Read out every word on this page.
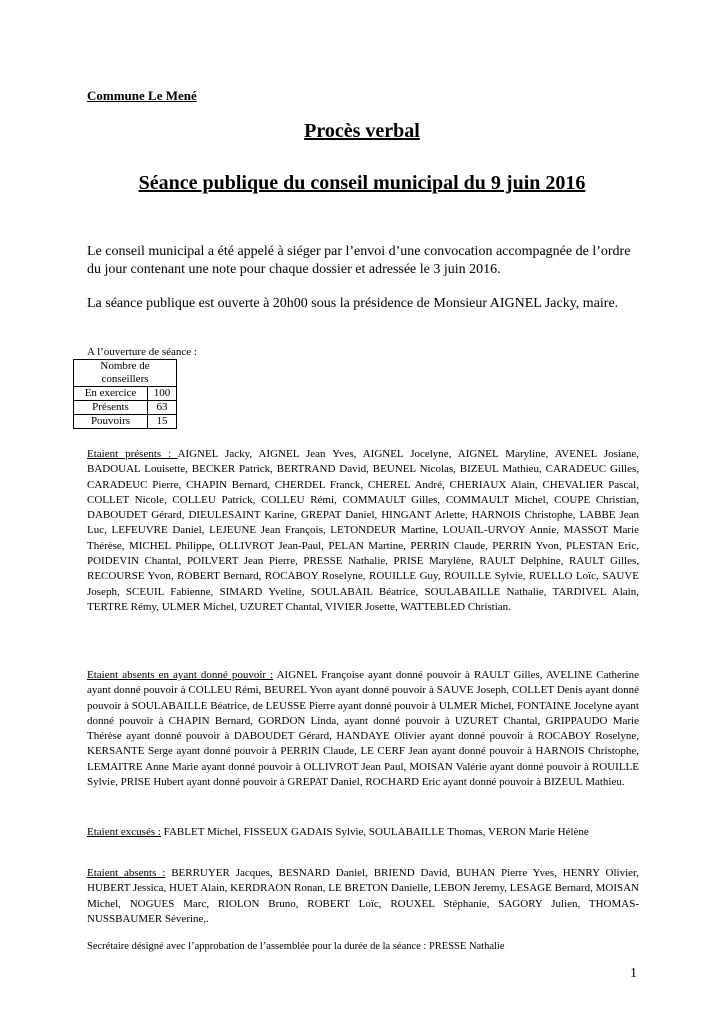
Commune Le Mené
Procès verbal
Séance publique du conseil municipal du 9 juin 2016
Le conseil municipal a été appelé à siéger par l’envoi d’une convocation accompagnée de l’ordre du jour contenant une note pour chaque dossier et adressée le 3 juin 2016.
La séance publique est ouverte à 20h00 sous la présidence de Monsieur AIGNEL Jacky, maire.
A l’ouverture de séance :
Nombre de conseillers	
En exercice	100
Présents	63
Pouvoirs	15
Etaient présents : AIGNEL Jacky, AIGNEL Jean Yves, AIGNEL Jocelyne, AIGNEL Maryline, AVENEL Josiane, BADOUAL Louisette, BECKER Patrick, BERTRAND David, BEUNEL Nicolas, BIZEUL Mathieu, CARADEUC Gilles, CARADEUC Pierre, CHAPIN Bernard, CHERDEL Franck, CHEREL André, CHERIAUX Alain, CHEVALIER Pascal, COLLET Nicole, COLLEU Patrick, COLLEU Rémi, COMMAULT Gilles, COMMAULT Michel, COUPE Christian, DABOUDET Gérard, DIEULESAINT Karine, GREPAT Daniel, HINGANT Arlette, HARNOIS Christophe, LABBE Jean Luc, LEFEUVRE Daniel, LEJEUNE Jean François, LETONDEUR Martine, LOUAIL-URVOY Annie, MASSOT Marie Thérèse, MICHEL Philippe, OLLIVROT Jean-Paul, PELAN Martine, PERRIN Claude, PERRIN Yvon, PLESTAN Eric, POIDEVIN Chantal, POILVERT Jean Pierre, PRESSE Nathalie, PRISE Marylène, RAULT Delphine, RAULT Gilles, RECOURSE Yvon, ROBERT Bernard, ROCABOY Roselyne, ROUILLE Guy, ROUILLE Sylvie, RUELLO Loïc, SAUVE Joseph, SCEUIL Fabienne, SIMARD Yveline, SOULABAIL Béatrice, SOULABAILLE Nathalie, TARDIVEL Alain, TERTRE Rémy, ULMER Michel, UZURET Chantal, VIVIER Josette, WATTEBLED Christian.
Etaient absents en ayant donné pouvoir : AIGNEL Françoise ayant donné pouvoir à RAULT Gilles, AVELINE Catherine ayant donné pouvoir à COLLEU Rémi, BEUREL Yvon ayant donné pouvoir à SAUVE Joseph, COLLET Denis ayant donné pouvoir à SOULABAILLE Béatrice, de LEUSSE Pierre ayant donné pouvoir à ULMER Michel, FONTAINE Jocelyne ayant donné pouvoir à CHAPIN Bernard, GORDON Linda, ayant donné pouvoir à UZURET Chantal, GRIPPAUDO Marie Thérèse ayant donné pouvoir à DABOUDET Gérard, HANDAYE Olivier ayant donné pouvoir à ROCABOY Roselyne, KERSANTE Serge ayant donné pouvoir à PERRIN Claude, LE CERF Jean ayant donné pouvoir à HARNOIS Christophe, LEMAITRE Anne Marie ayant donné pouvoir à OLLIVROT Jean Paul, MOISAN Valérie ayant donné pouvoir à ROUILLE Sylvie, PRISE Hubert ayant donné pouvoir à GREPAT Daniel, ROCHARD Eric ayant donné pouvoir à BIZEUL Mathieu.
Etaient excusés : FABLET Michel, FISSEUX GADAIS Sylvie, SOULABAILLE Thomas, VERON Marie Hélène
Etaient absents : BERRUYER Jacques, BESNARD Daniel, BRIEND David, BUHAN Pierre Yves, HENRY Olivier, HUBERT Jessica, HUET Alain, KERDRAON Ronan, LE BRETON Danielle, LEBON Jeremy, LESAGE Bernard, MOISAN Michel, NOGUES Marc, RIOLON Bruno, ROBERT Loïc, ROUXEL Stéphanie, SAGORY Julien, THOMAS-NUSSBAUMER Séverine,.
Secrétaire désigné avec l’approbation de l’assemblée pour la durée de la séance : PRESSE Nathalie
1
